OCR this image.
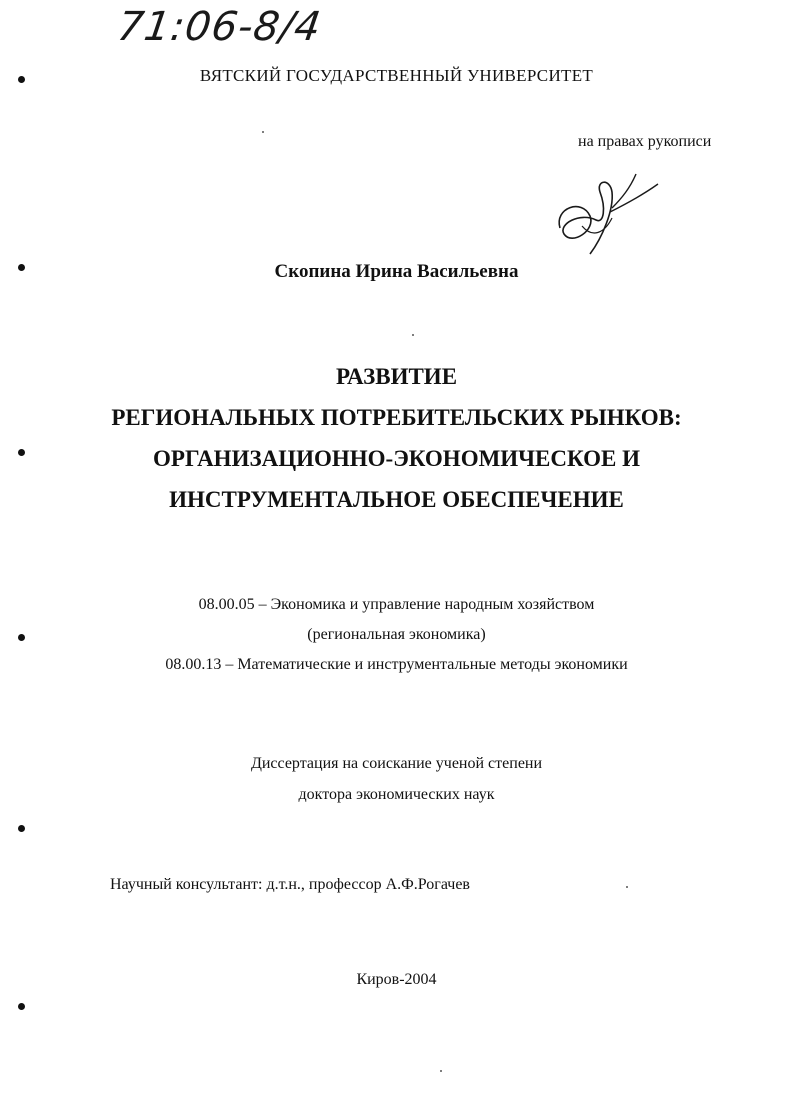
71:06-8/4
ВЯТСКИЙ ГОСУДАРСТВЕННЫЙ УНИВЕРСИТЕТ
на правах рукописи
Скопина Ирина Васильевна
РАЗВИТИЕ
РЕГИОНАЛЬНЫХ ПОТРЕБИТЕЛЬСКИХ РЫНКОВ:
ОРГАНИЗАЦИОННО-ЭКОНОМИЧЕСКОЕ И
ИНСТРУМЕНТАЛЬНОЕ ОБЕСПЕЧЕНИЕ
08.00.05 – Экономика и управление народным хозяйством
(региональная экономика)
08.00.13 – Математические и инструментальные методы экономики
Диссертация на соискание ученой степени
доктора экономических наук
Научный консультант: д.т.н., профессор А.Ф.Рогачев
Киров-2004
